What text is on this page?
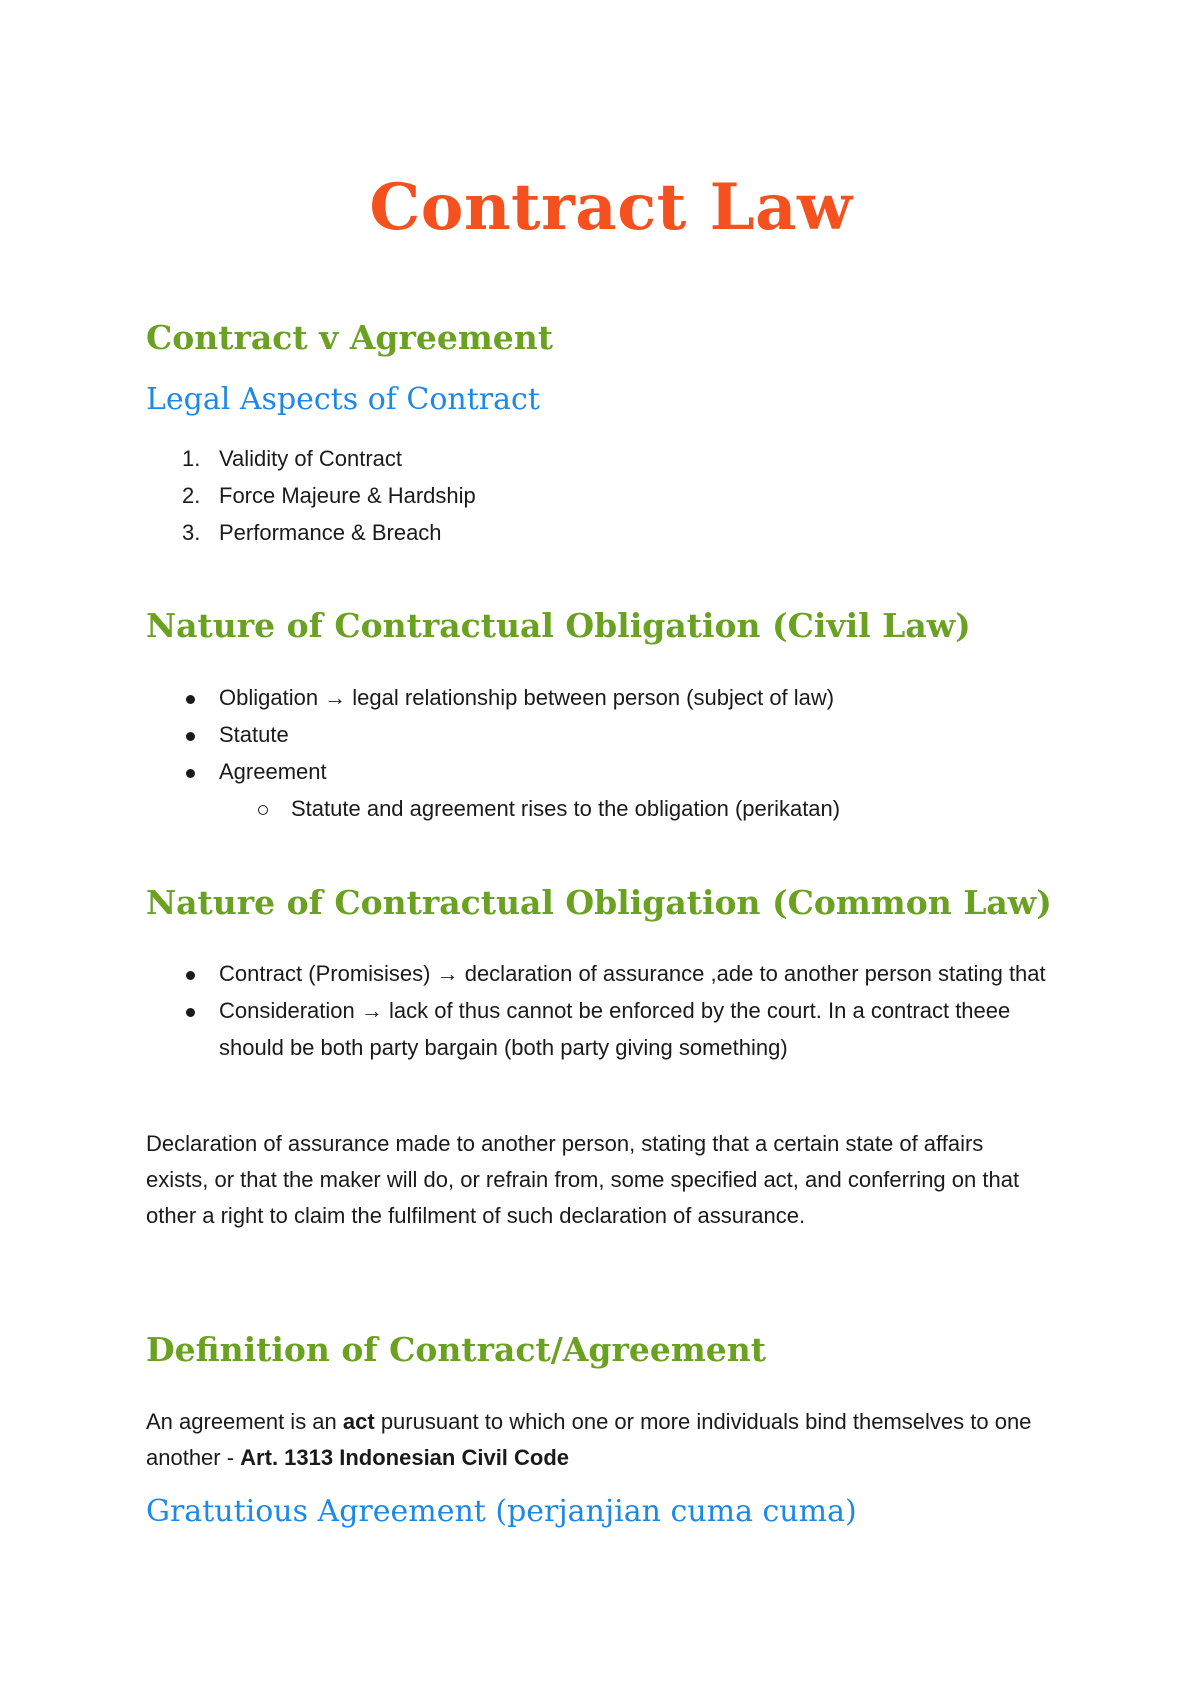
Contract Law
Contract v Agreement
Legal Aspects of Contract
1. Validity of Contract
2. Force Majeure & Hardship
3. Performance & Breach
Nature of Contractual Obligation (Civil Law)
Obligation → legal relationship between person (subject of law)
Statute
Agreement
Statute and agreement rises to the obligation (perikatan)
Nature of Contractual Obligation (Common Law)
Contract (Promisises) → declaration of assurance ,ade to another person stating that
Consideration → lack of thus cannot be enforced by the court. In a contract theee should be both party bargain (both party giving something)

Declaration of assurance made to another person, stating that a certain state of affairs exists, or that the maker will do, or refrain from, some specified act, and conferring on that other a right to claim the fulfilment of such declaration of assurance.

Definition of Contract/Agreement

An agreement is an act purusuant to which one or more individuals bind themselves to one another - Art. 1313 Indonesian Civil Code

Gratutious Agreement (perjanjian cuma cuma)
